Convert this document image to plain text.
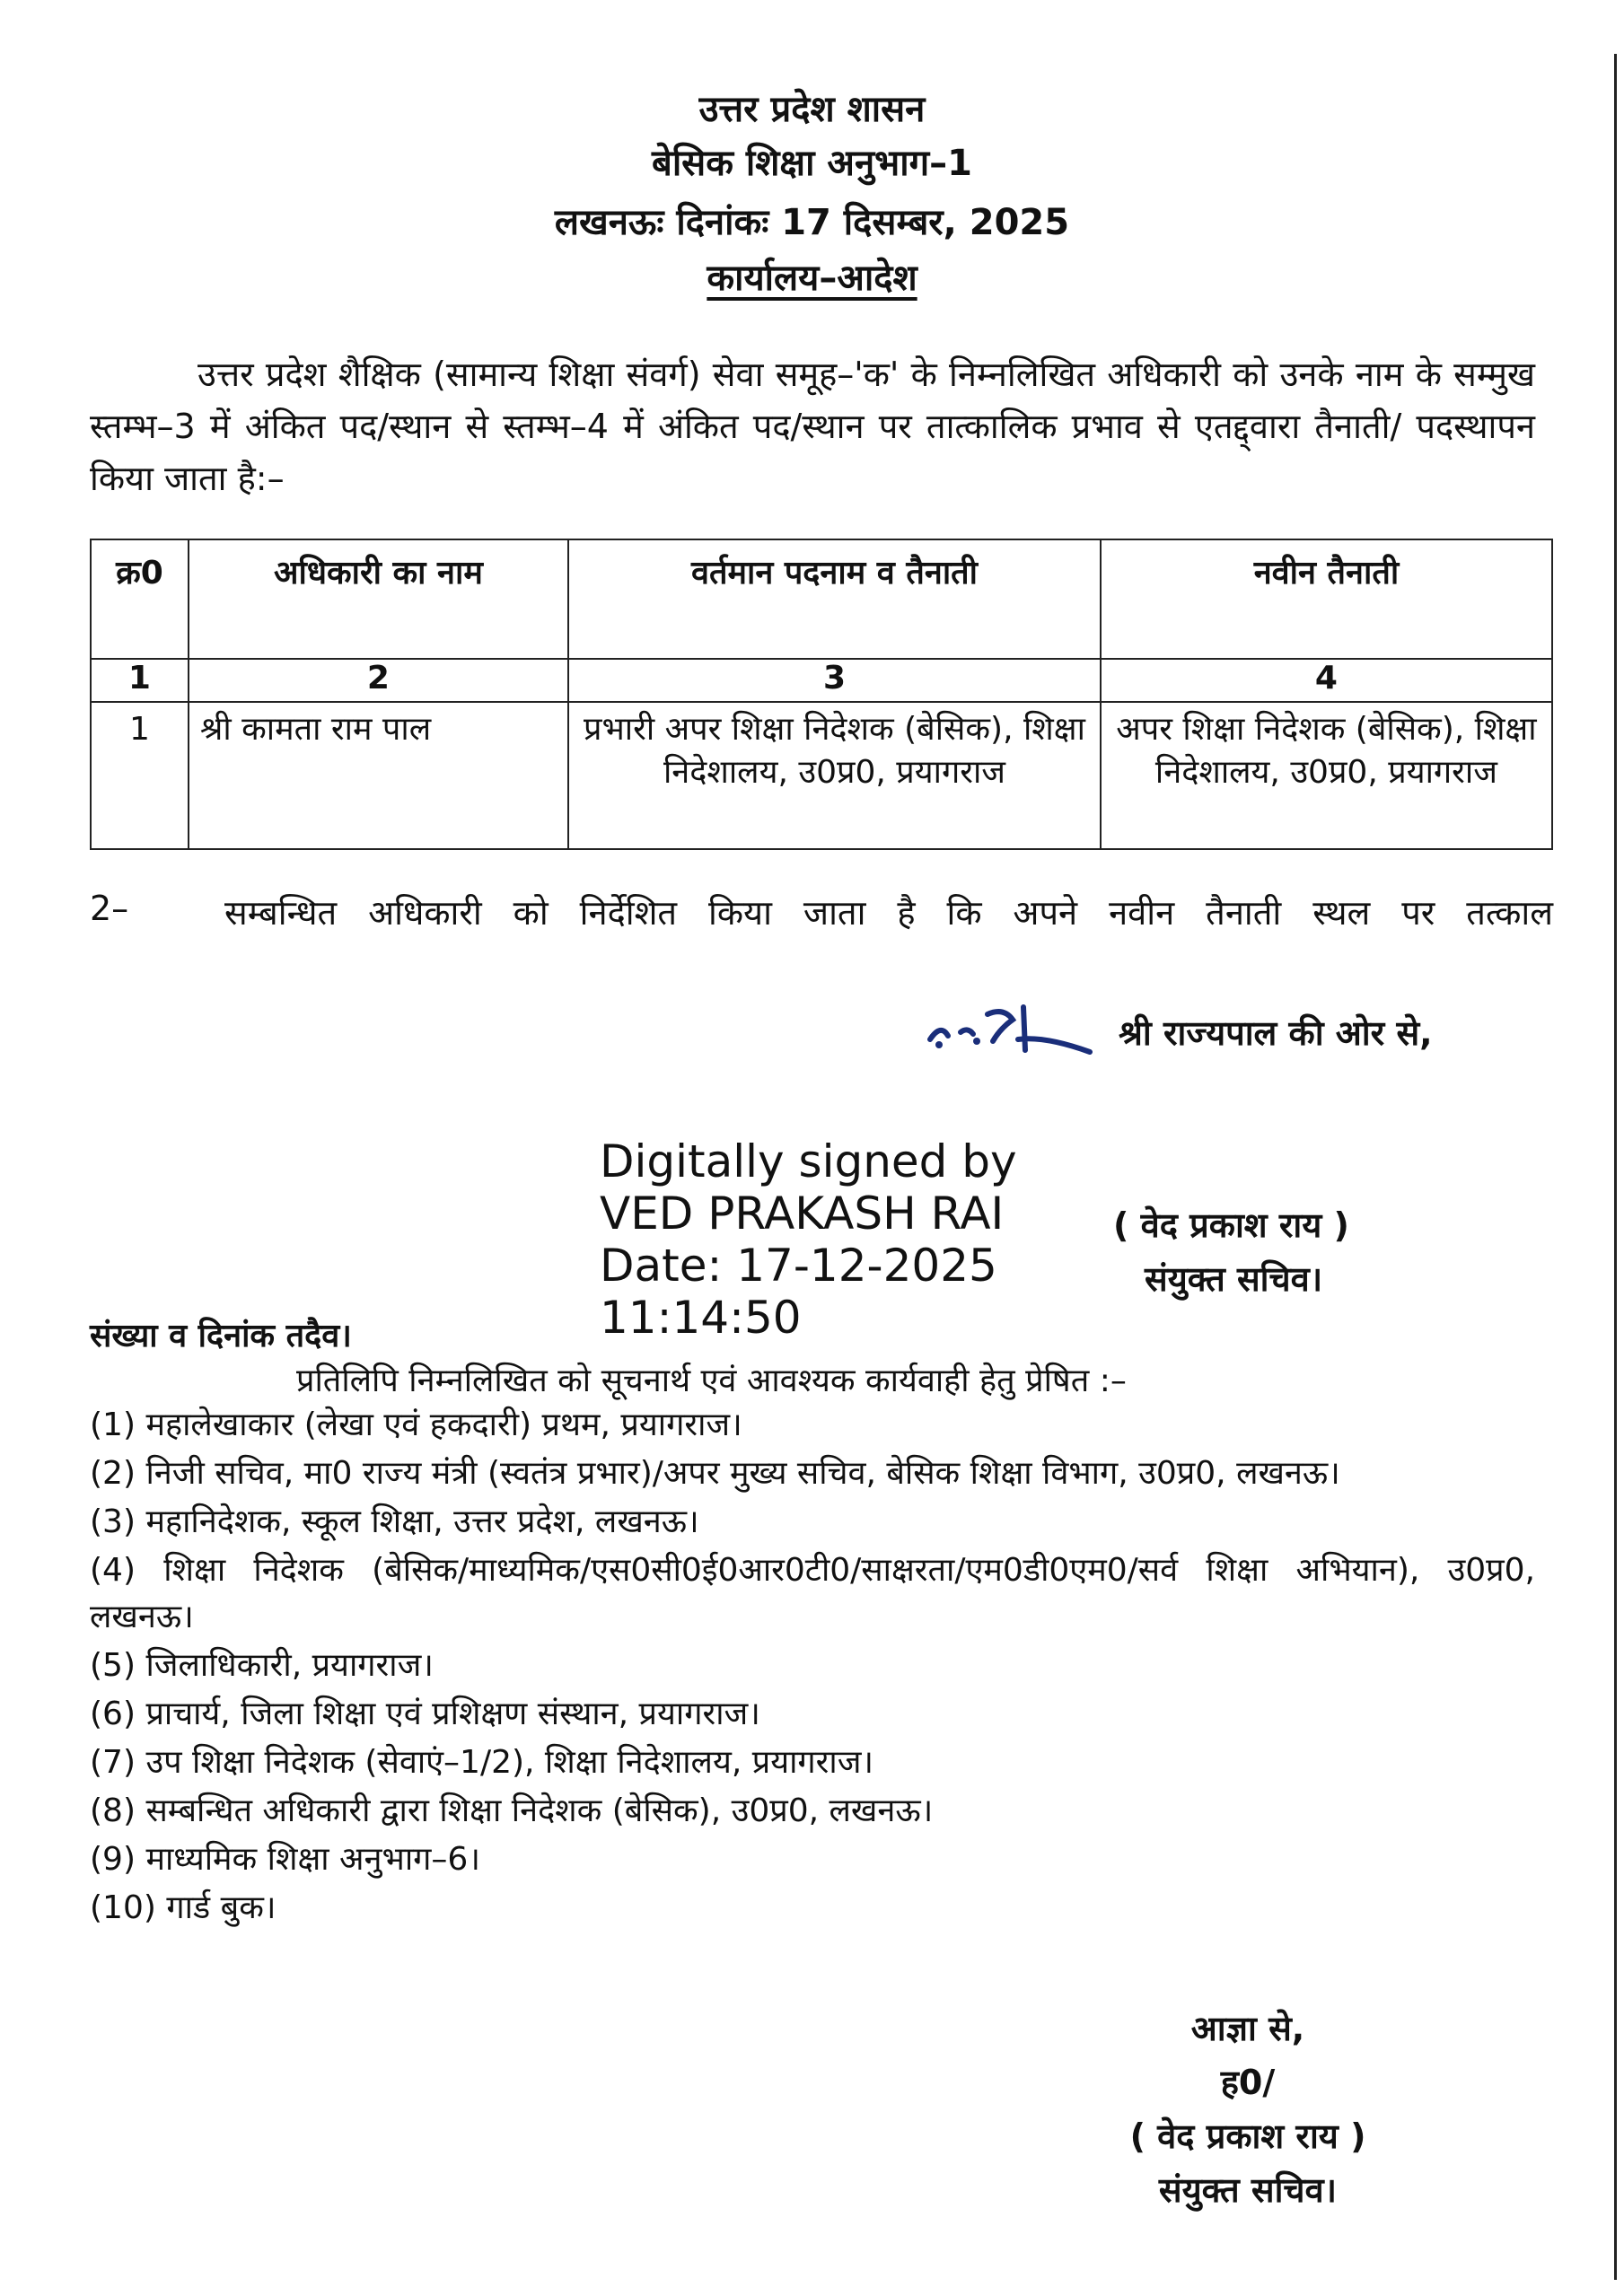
उत्तर प्रदेश शासन
बेसिक शिक्षा अनुभाग–1
लखनऊः दिनांकः 17 दिसम्बर, 2025
कार्यालय–आदेश
उत्तर प्रदेश शैक्षिक (सामान्य शिक्षा संवर्ग) सेवा समूह–'क' के निम्नलिखित अधिकारी को उनके नाम के सम्मुख स्तम्भ–3 में अंकित पद/स्थान से स्तम्भ–4 में अंकित पद/स्थान पर तात्कालिक प्रभाव से एतद्द्वारा तैनाती/ पदस्थापन किया जाता है:–
क्र0	अधिकारी का नाम	वर्तमान पदनाम व तैनाती	नवीन तैनाती
1	2	3	4
1	श्री कामता राम पाल	प्रभारी अपर शिक्षा निदेशक (बेसिक), शिक्षा निदेशालय, उ0प्र0, प्रयागराज	अपर शिक्षा निदेशक (बेसिक), शिक्षा निदेशालय, उ0प्र0, प्रयागराज
2–	सम्बन्धित अधिकारी को निर्देशित किया जाता है कि अपने नवीन तैनाती स्थल पर तत्काल
श्री राज्यपाल की ओर से,
Digitally signed by
VED PRAKASH RAI
Date: 17-12-2025
11:14:50
( वेद प्रकाश राय )
संयुक्त सचिव।
संख्या व दिनांक तदैव।
प्रतिलिपि निम्नलिखित को सूचनार्थ एवं आवश्यक कार्यवाही हेतु प्रेषित :–
(1) महालेखाकार (लेखा एवं हकदारी) प्रथम, प्रयागराज।
(2) निजी सचिव, मा0 राज्य मंत्री (स्वतंत्र प्रभार)/अपर मुख्य सचिव, बेसिक शिक्षा विभाग, उ0प्र0, लखनऊ।
(3) महानिदेशक, स्कूल शिक्षा, उत्तर प्रदेश, लखनऊ।
(4) शिक्षा निदेशक (बेसिक/माध्यमिक/एस0सी0ई0आर0टी0/साक्षरता/एम0डी0एम0/सर्व शिक्षा अभियान), उ0प्र0, लखनऊ।
(5) जिलाधिकारी, प्रयागराज।
(6) प्राचार्य, जिला शिक्षा एवं प्रशिक्षण संस्थान, प्रयागराज।
(7) उप शिक्षा निदेशक (सेवाएं–1/2), शिक्षा निदेशालय, प्रयागराज।
(8) सम्बन्धित अधिकारी द्वारा शिक्षा निदेशक (बेसिक), उ0प्र0, लखनऊ।
(9) माध्यमिक शिक्षा अनुभाग–6।
(10) गार्ड बुक।
आज्ञा से,
ह0/
( वेद प्रकाश राय )
संयुक्त सचिव।
